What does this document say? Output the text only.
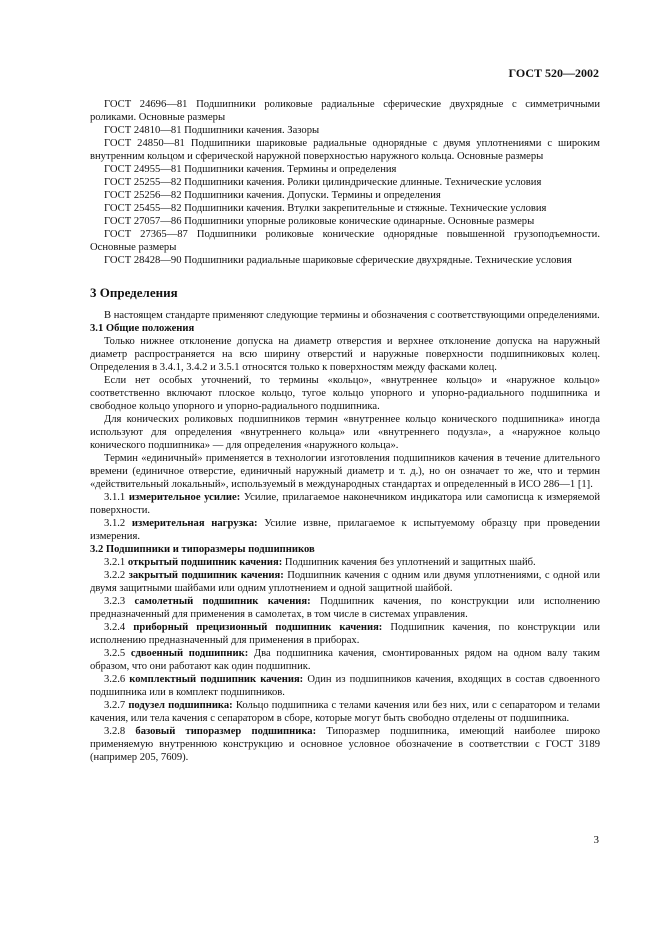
ГОСТ 520—2002

ГОСТ 24696—81 Подшипники роликовые радиальные сферические двухрядные с симметричными роликами. Основные размеры

ГОСТ 24810—81 Подшипники качения. Зазоры

ГОСТ 24850—81 Подшипники шариковые радиальные однорядные с двумя уплотнениями с широким внутренним кольцом и сферической наружной поверхностью наружного кольца. Основные размеры

ГОСТ 24955—81 Подшипники качения. Термины и определения

ГОСТ 25255—82 Подшипники качения. Ролики цилиндрические длинные. Технические условия

ГОСТ 25256—82 Подшипники качения. Допуски. Термины и определения

ГОСТ 25455—82 Подшипники качения. Втулки закрепительные и стяжные. Технические условия

ГОСТ 27057—86 Подшипники упорные роликовые конические одинарные. Основные размеры

ГОСТ 27365—87 Подшипники роликовые конические однорядные повышенной грузоподъемности. Основные размеры

ГОСТ 28428—90 Подшипники радиальные шариковые сферические двухрядные. Технические условия

3 Определения

В настоящем стандарте применяют следующие термины и обозначения с соответствующими определениями.

3.1 Общие положения

Только нижнее отклонение допуска на диаметр отверстия и верхнее отклонение допуска на наружный диаметр распространяется на всю ширину отверстий и наружные поверхности подшипниковых колец. Определения в 3.4.1, 3.4.2 и 3.5.1 относятся только к поверхностям между фасками колец.

Если нет особых уточнений, то термины «кольцо», «внутреннее кольцо» и «наружное кольцо» соответственно включают плоское кольцо, тугое кольцо упорного и упорно-радиального подшипника и свободное кольцо упорного и упорно-радиального подшипника.

Для конических роликовых подшипников термин «внутреннее кольцо конического подшипника» иногда используют для определения «внутреннего кольца» или «внутреннего подузла», а «наружное кольцо конического подшипника» — для определения «наружного кольца».

Термин «единичный» применяется в технологии изготовления подшипников качения в течение длительного времени (единичное отверстие, единичный наружный диаметр и т. д.), но он означает то же, что и термин «действительный локальный», используемый в международных стандартах и определенный в ИСО 286—1 [1].

3.1.1 измерительное усилие: Усилие, прилагаемое наконечником индикатора или самописца к измеряемой поверхности.

3.1.2 измерительная нагрузка: Усилие извне, прилагаемое к испытуемому образцу при проведении измерения.

3.2 Подшипники и типоразмеры подшипников

3.2.1 открытый подшипник качения: Подшипник качения без уплотнений и защитных шайб.

3.2.2 закрытый подшипник качения: Подшипник качения с одним или двумя уплотнениями, с одной или двумя защитными шайбами или одним уплотнением и одной защитной шайбой.

3.2.3 самолетный подшипник качения: Подшипник качения, по конструкции или исполнению предназначенный для применения в самолетах, в том числе в системах управления.

3.2.4 приборный прецизионный подшипник качения: Подшипник качения, по конструкции или исполнению предназначенный для применения в приборах.

3.2.5 сдвоенный подшипник: Два подшипника качения, смонтированных рядом на одном валу таким образом, что они работают как один подшипник.

3.2.6 комплектный подшипник качения: Один из подшипников качения, входящих в состав сдвоенного подшипника или в комплект подшипников.

3.2.7 подузел подшипника: Кольцо подшипника с телами качения или без них, или с сепаратором и телами качения, или тела качения с сепаратором в сборе, которые могут быть свободно отделены от подшипника.

3.2.8 базовый типоразмер подшипника: Типоразмер подшипника, имеющий наиболее широко применяемую внутреннюю конструкцию и основное условное обозначение в соответствии с ГОСТ 3189 (например 205, 7609).

3
